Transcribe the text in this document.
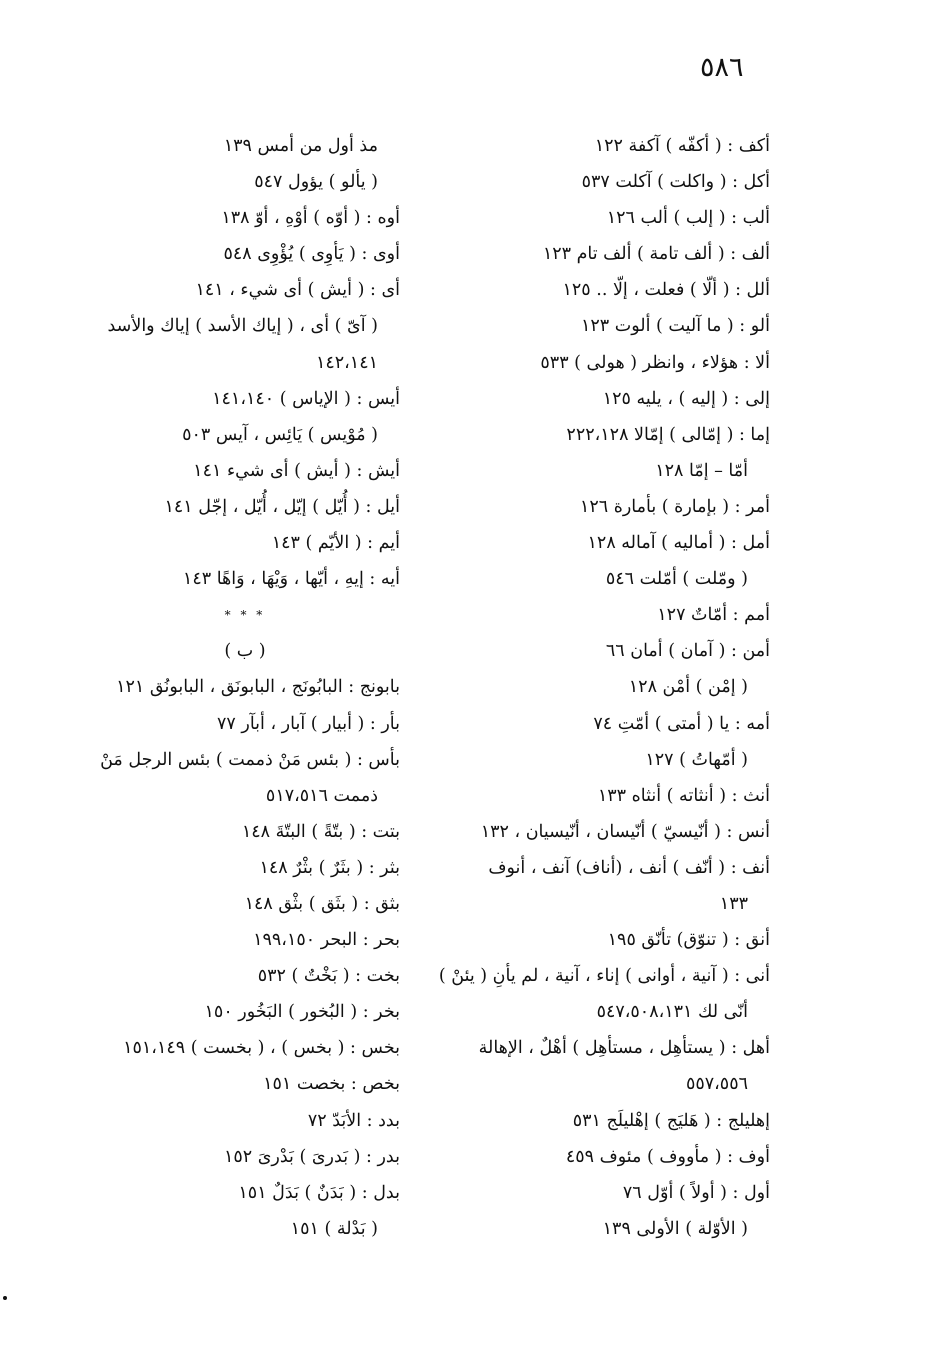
٥٨٦
أكف : ( أكفّه ) آكفة ١٢٢
أكل : ( واكلت ) آكلت ٥٣٧
ألب : ( إلب ) ألب ١٢٦
ألف : ( ألف تامة ) ألف تام ١٢٣
ألل : ( ألّا ) فعلت ، إلّا .. ١٢٥
ألو : ( ما آليت ) ألوت ١٢٣
ألا : هؤلاء ، وانظر ( هولى ) ٥٣٣
إلى : ( إليه ) ، يليه ١٢٥
إما : ( إمّالى ) إمّالا ٢٢٢،١٢٨
أمّا – إمّا ١٢٨
أمر : ( بإمارة ) بأمارة ١٢٦
أمل : ( أماليه ) آماله ١٢٨
( ومّلت ) أمّلت ٥٤٦
أمم : أمّاتٌ ١٢٧
أمن : ( آمان ) أمان ٦٦
( إمْن ) أمْن ١٢٨
أمه : يا ( أمتى ) أمّتِ ٧٤
( أمّهاتُ ) ١٢٧
أنث : ( أنثاته ) أنثاه ١٣٣
أنس : ( أنّيسيّ ) أنّيسان ، أنّيسيان ، ١٣٢
أنف : ( أنّف ) أنف ، (أناف) آنف ، أنوف
١٣٣
أنق : ( تنوّق) تأنّق ١٩٥
أنى : ( آنية ، أوانى ) إناء ، آنية ، لم يأنِ ( يئنْ )
أنّى لك ٥٤٧،٥٠٨،١٣١
أهل : ( يستأهِل ، مستأهِل ) أهْلٌ ، الإهالة
٥٥٧،٥٥٦
إهليلج : ( هَليَج ) إهْليلَج ٥٣١
أوف : ( مأووف ) مئوف ٤٥٩
أول : ( أولاً ) أوّل ٧٦
( الأوّلة ) الأولى ١٣٩
مذ أول من أمس ١٣٩
( يألو ) يؤول ٥٤٧
أوه : ( أوّه ) أوْهِ ، أوّ ١٣٨
أوى : ( يَأوِى ) يُؤْوِى ٥٤٨
أى : ( أيش ) أى شيء ، ١٤١
( آىّ ) أى ، ( إياك الأسد ) إياك والأسد
١٤٢،١٤١
أيس : ( الإياس ) ١٤١،١٤٠
( مُوْيس ) يَائِس ، آيس ٥٠٣
أيش : ( أيش ) أى شيء ١٤١
أيل : ( أُيّل ) إيّل ، أُيّل ، إجّل ١٤١
أيم : ( الأيّم ) ١٤٣
أيه : إيهِ ، أيّها ، وَيْهَا ، وَاهًا ١٤٣
* * *
( ب )
بابونج : البابُونَج ، البابونَق ، البابونُق ١٢١
بأر : ( أبيار ) آبار ، أبآر ٧٧
بأس : ( بئس مَنْ ذممت ) بئس الرجل مَنْ
ذممت ٥١٧،٥١٦
بتت : ( بتّةً ) البتّةَ ١٤٨
بثر : ( بثَرٌ ) بثْرٌ ١٤٨
بثق : ( بثَق ) بثْق ١٤٨
بحر : البحر ١٩٩،١٥٠
بخت : ( بَخْتٌ ) ٥٣٢
بخر : ( البُخور ) البَخُور ١٥٠
بخس : ( بخس ) ، ( بخست ) ١٥١،١٤٩
بخص : بخصت ١٥١
بدد : الأبَدّ ٧٢
بدر : ( بَدرىَ ) بَدْرىَ ١٥٢
بدل : ( بَدَنٌ ) بَدَلٌ ١٥١
( بَدْلة ) ١٥١
